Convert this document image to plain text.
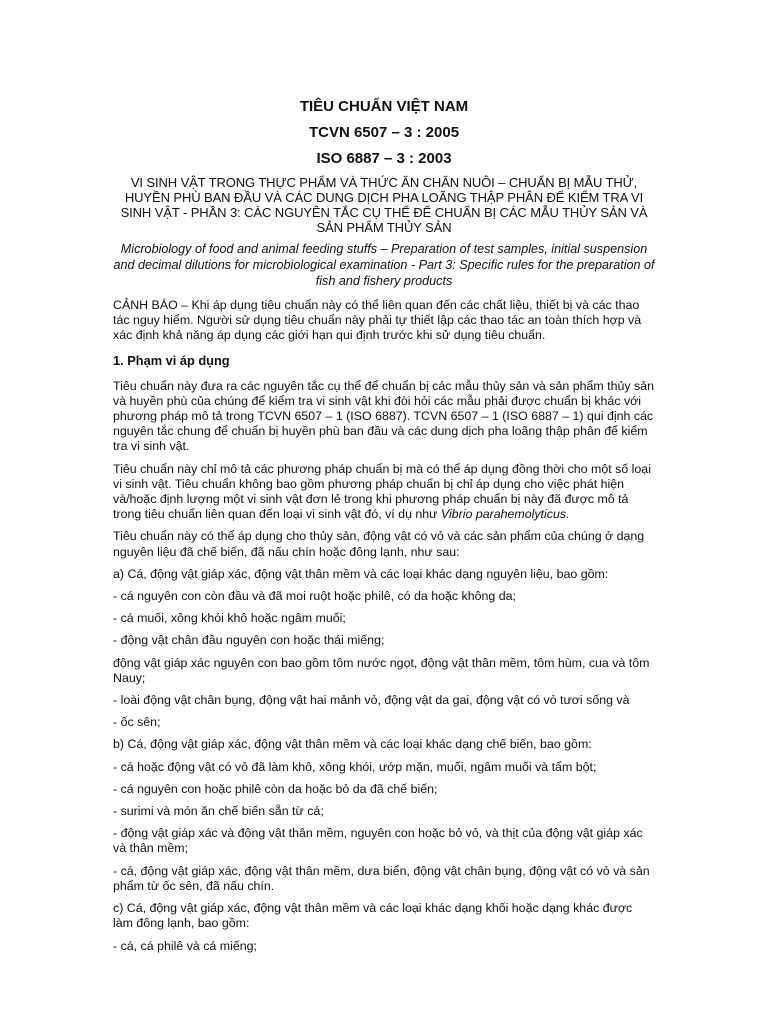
TIÊU CHUẨN VIỆT NAM
TCVN 6507 – 3 : 2005
ISO 6887 – 3 : 2003
VI SINH VẬT TRONG THỰC PHẨM VÀ THỨC ĂN CHĂN NUÔI – CHUẨN BỊ MẪU THỬ, HUYỀN PHÙ BAN ĐẦU VÀ CÁC DUNG DỊCH PHA LOÃNG THẬP PHÂN ĐỂ KIỂM TRA VI SINH VẬT - PHẦN 3: CÁC NGUYÊN TẮC CỤ THỂ ĐỂ CHUẨN BỊ CÁC MẪU THỦY SẢN VÀ SẢN PHẨM THỦY SẢN
Microbiology of food and animal feeding stuffs – Preparation of test samples, initial suspension and decimal dilutions for microbiological examination - Part 3: Specific rules for the preparation of fish and fishery products

CẢNH BÁO – Khi áp dụng tiêu chuẩn này có thể liên quan đến các chất liệu, thiết bị và các thao tác nguy hiểm. Người sử dụng tiêu chuẩn này phải tự thiết lập các thao tác an toàn thích hợp và xác định khả năng áp dụng các giới hạn qui định trước khi sử dụng tiêu chuẩn.

1. Phạm vi áp dụng

Tiêu chuẩn này đưa ra các nguyên tắc cụ thể để chuẩn bị các mẫu thủy sản và sản phẩm thủy sản và huyền phù của chúng để kiểm tra vi sinh vật khi đòi hỏi các mẫu phải được chuẩn bị khác với phương pháp mô tả trong TCVN 6507 – 1 (ISO 6887). TCVN 6507 – 1 (ISO 6887 – 1) qui định các nguyên tắc chung để chuẩn bị huyền phù ban đầu và các dung dịch pha loãng thập phân để kiểm tra vi sinh vật.

Tiêu chuẩn này chỉ mô tả các phương pháp chuẩn bị mà có thể áp dụng đồng thời cho một số loại vi sinh vật. Tiêu chuẩn không bao gồm phương pháp chuẩn bị chỉ áp dụng cho việc phát hiện và/hoặc định lượng một vi sinh vật đơn lẻ trong khi phương pháp chuẩn bị này đã được mô tả trong tiêu chuẩn liên quan đến loại vi sinh vật đó, ví dụ như Vibrio parahemolyticus.

Tiêu chuẩn này có thể áp dụng cho thủy sản, động vật có vỏ và các sản phẩm của chúng ở dạng nguyên liệu đã chế biến, đã nấu chín hoặc đông lạnh, như sau:

a) Cá, động vật giáp xác, động vật thân mềm và các loại khác dạng nguyên liệu, bao gồm:

- cá nguyên con còn đầu và đã moi ruột hoặc philê, có da hoặc không da;

- cá muối, xông khói khô hoặc ngâm muối;

- động vật chân đầu nguyên con hoặc thái miếng;

động vật giáp xác nguyên con bao gồm tôm nước ngọt, động vật thân mềm, tôm hùm, cua và tôm Nauy;

- loài động vật chân bụng, động vật hai mảnh vỏ, động vật da gai, động vật có vỏ tươi sống và

- ốc sên;

b) Cá, động vật giáp xác, động vật thân mềm và các loại khác dạng chế biến, bao gồm:

- cá hoặc động vật có vỏ đã làm khô, xông khói, ướp mặn, muối, ngâm muối và tẩm bột;

- cá nguyên con hoặc philê còn da hoặc bỏ da đã chế biến;

- surimi và món ăn chế biến sẵn từ cá;

- động vật giáp xác và động vật thân mềm, nguyên con hoặc bỏ vỏ, và thịt của động vật giáp xác và thân mềm;

- cá, động vật giáp xác, động vật thân mềm, dưa biển, động vật chân bụng, động vật có vỏ và sản phẩm từ ốc sên, đã nấu chín.

c) Cá, động vật giáp xác, động vật thân mềm và các loại khác dạng khối hoặc dạng khác được làm đông lạnh, bao gồm:

- cá, cá philê và cá miếng;
